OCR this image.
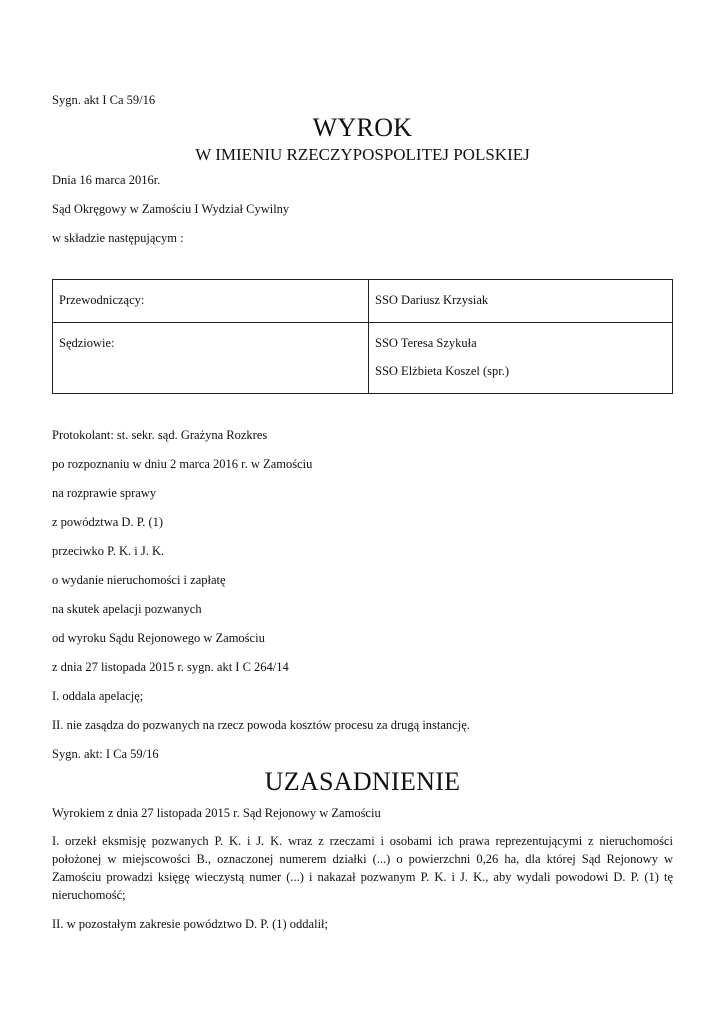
Sygn. akt I Ca 59/16
WYROK
W IMIENIU RZECZYPOSPOLITEJ POLSKIEJ
Dnia 16 marca 2016r.
Sąd Okręgowy w Zamościu I Wydział Cywilny
w składzie następującym :
Przewodniczący:	SSO Dariusz Krzysiak

Sędziowie:	SSO Teresa Szykuła
SSO Elżbieta Koszel (spr.)
Protokolant: st. sekr. sąd. Grażyna Rozkres
po rozpoznaniu w dniu 2 marca 2016 r. w Zamościu
na rozprawie sprawy
z powództwa D. P. (1)
przeciwko P. K. i J. K.
o wydanie nieruchomości i zapłatę
na skutek apelacji pozwanych
od wyroku Sądu Rejonowego w Zamościu
z dnia 27 listopada 2015 r. sygn. akt I C 264/14
I. oddala apelację;
II. nie zasądza do pozwanych na rzecz powoda kosztów procesu za drugą instancję.
Sygn. akt: I Ca 59/16
UZASADNIENIE
Wyrokiem z dnia 27 listopada 2015 r. Sąd Rejonowy w Zamościu
I. orzekł eksmisję pozwanych P. K. i J. K. wraz z rzeczami i osobami ich prawa reprezentującymi z nieruchomości położonej w miejscowości B., oznaczonej numerem działki (...) o powierzchni 0,26 ha, dla której Sąd Rejonowy w Zamościu prowadzi księgę wieczystą numer (...) i nakazał pozwanym P. K. i J. K., aby wydali powodowi D. P. (1) tę nieruchomość;
II. w pozostałym zakresie powództwo D. P. (1) oddalił;
